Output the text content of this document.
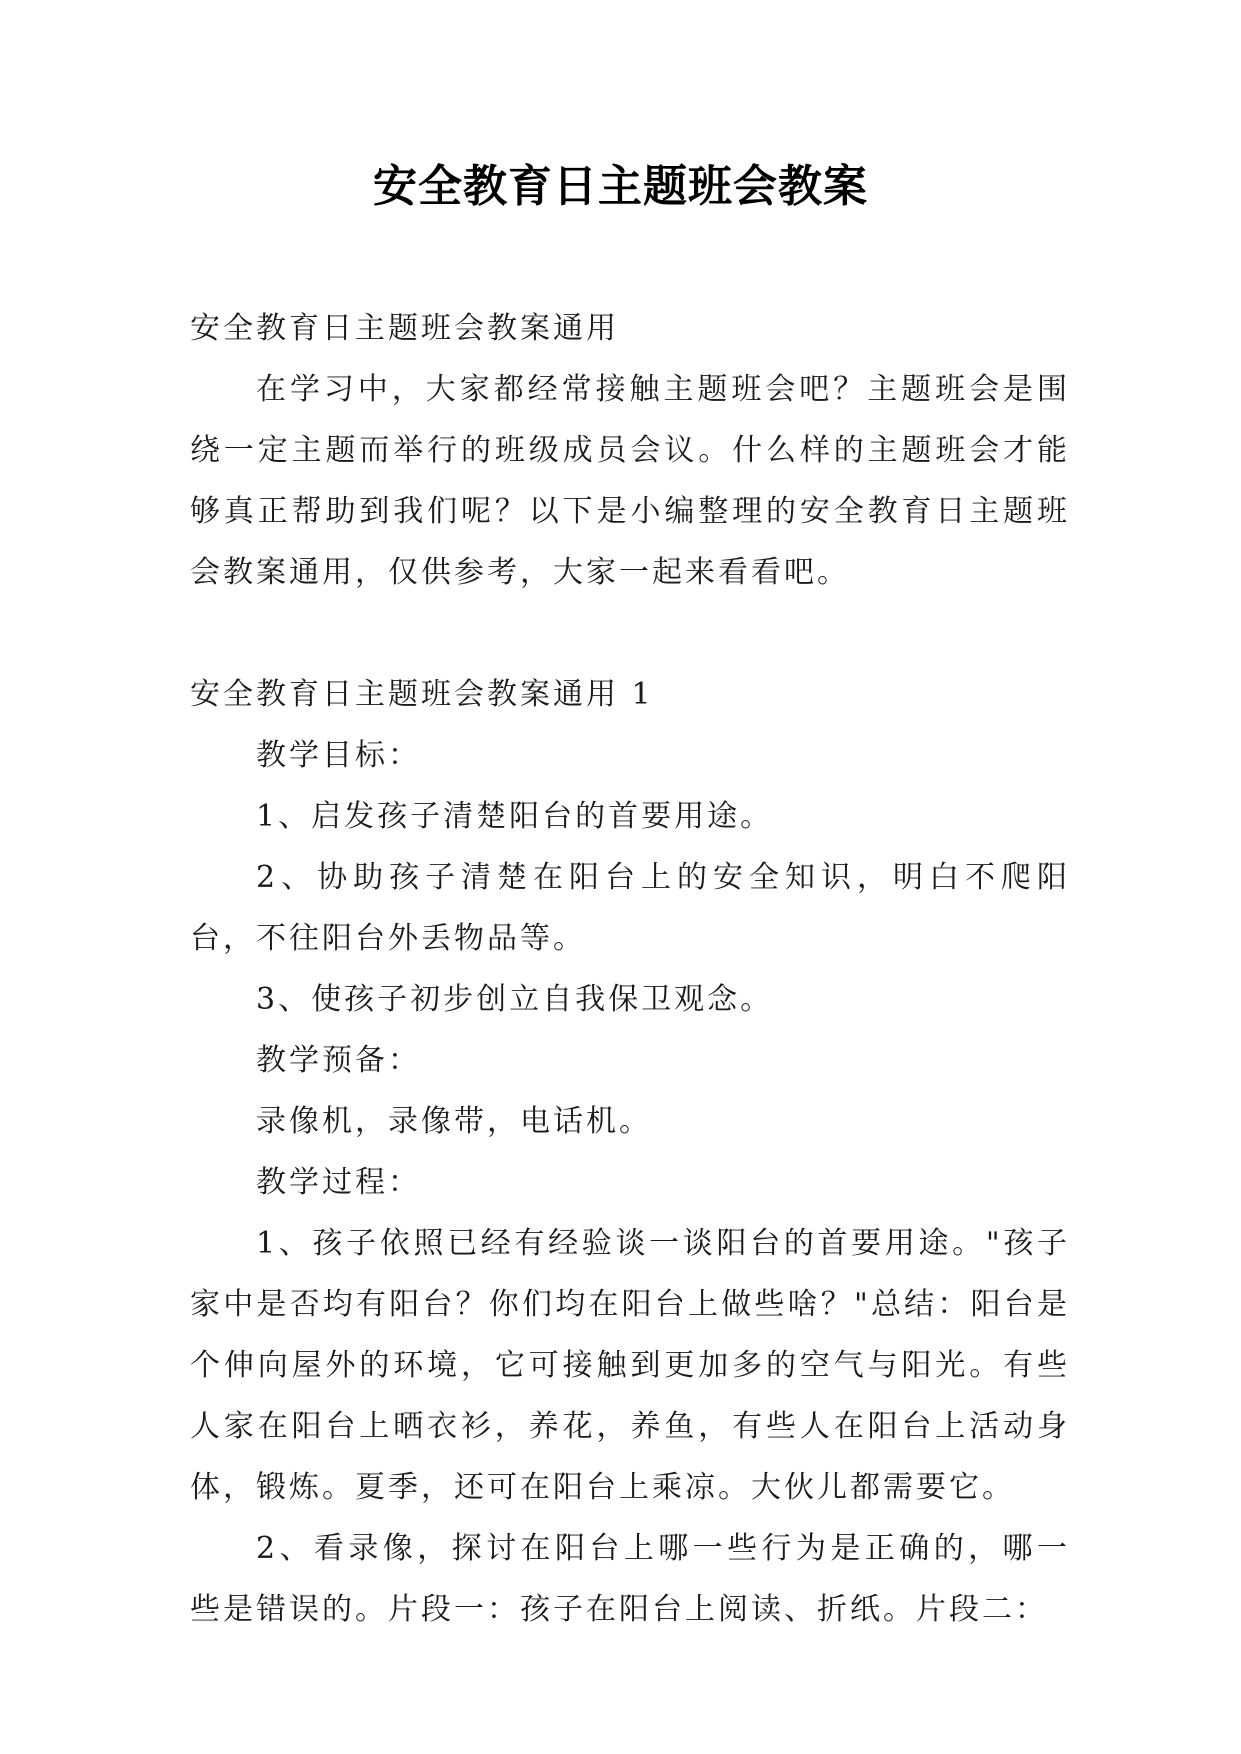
安全教育日主题班会教案

安全教育日主题班会教案通用

在学习中，大家都经常接触主题班会吧？主题班会是围绕一定主题而举行的班级成员会议。什么样的主题班会才能够真正帮助到我们呢？以下是小编整理的安全教育日主题班会教案通用，仅供参考，大家一起来看看吧。

安全教育日主题班会教案通用 1

教学目标：

1、启发孩子清楚阳台的首要用途。

2、协助孩子清楚在阳台上的安全知识，明白不爬阳台，不往阳台外丢物品等。

3、使孩子初步创立自我保卫观念。

教学预备：

录像机，录像带，电话机。

教学过程：

1、孩子依照已经有经验谈一谈阳台的首要用途。"孩子家中是否均有阳台？你们均在阳台上做些啥？"总结：阳台是个伸向屋外的环境，它可接触到更加多的空气与阳光。有些人家在阳台上晒衣衫，养花，养鱼，有些人在阳台上活动身体，锻炼。夏季，还可在阳台上乘凉。大伙儿都需要它。

2、看录像，探讨在阳台上哪一些行为是正确的，哪一些是错误的。片段一：孩子在阳台上阅读、折纸。片段二：
